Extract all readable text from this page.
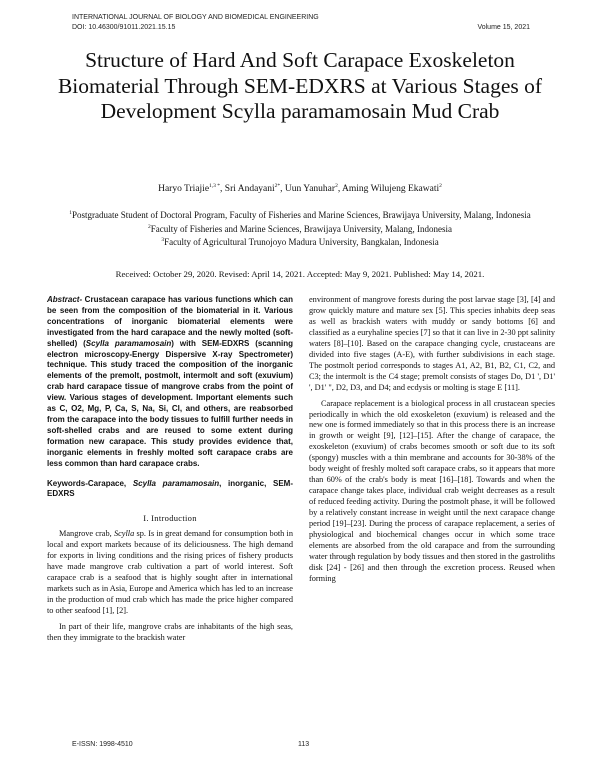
INTERNATIONAL JOURNAL OF BIOLOGY AND BIOMEDICAL ENGINEERING
DOI: 10.46300/91011.2021.15.15	Volume 15, 2021
Structure of Hard And Soft Carapace Exoskeleton Biomaterial Through SEM-EDXRS at Various Stages of Development Scylla paramamosain Mud Crab
Haryo Triajie$^{1,3 *}$, Sri Andayani$^{2*}$, Uun Yanuhar$^2$, Aming Wilujeng Ekawati$^2$
$^1$Postgraduate Student of Doctoral Program, Faculty of Fisheries and Marine Sciences, Brawijaya University, Malang, Indonesia
$^2$Faculty of Fisheries and Marine Sciences, Brawijaya University, Malang, Indonesia
$^3$Faculty of Agricultural Trunojoyo Madura University, Bangkalan, Indonesia
Received: October 29, 2020. Revised: April 14, 2021. Accepted: May 9, 2021. Published: May 14, 2021.

Abstract- Crustacean carapace has various functions which can be seen from the composition of the biomaterial in it. Various concentrations of inorganic biomaterial elements were investigated from the hard carapace and the newly molted (soft-shelled) (Scylla paramamosain) with SEM-EDXRS (scanning electron microscopy-Energy Dispersive X-ray Spectrometer) technique. This study traced the composition of the inorganic elements of the premolt, postmolt, intermolt and soft (exuvium) crab hard carapace tissue of mangrove crabs from the point of view. Various stages of development. Important elements such as C, O2, Mg, P, Ca, S, Na, Si, Cl, and others, are reabsorbed from the carapace into the body tissues to fulfill further needs in soft-shelled crabs and are reused to some extent during formation new carapace. This study provides evidence that, inorganic elements in freshly molted soft carapace crabs are less common than hard carapace crabs.

Keywords-Carapace, Scylla paramamosain, inorganic, SEM-EDXRS

I. Introduction

Mangrove crab, Scylla sp. Is in great demand for consumption both in local and export markets because of its deliciousness. The high demand for exports in living conditions and the rising prices of fishery products have made mangrove crab cultivation a part of world interest. Soft carapace crab is a seafood that is highly sought after in international markets such as in Asia, Europe and America which has led to an increase in the production of mud crab which has made the price higher compared to other seafood [1], [2].

In part of their life, mangrove crabs are inhabitants of the high seas, then they immigrate to the brackish water

environment of mangrove forests during the post larvae stage [3], [4] and grow quickly mature and mature sex [5]. This species inhabits deep seas as well as brackish waters with muddy or sandy bottoms [6] and classified as a euryhaline species [7] so that it can live in 2-30 ppt salinity waters [8]–[10]. Based on the carapace changing cycle, crustaceans are divided into five stages (A-E), with further subdivisions in each stage. The postmolt period corresponds to stages A1, A2, B1, B2, C1, C2, and C3; the intermolt is the C4 stage; premolt consists of stages Do, D1 ', D1' ', D1' ", D2, D3, and D4; and ecdysis or molting is stage E [11].

Carapace replacement is a biological process in all crustacean species periodically in which the old exoskeleton (exuvium) is released and the new one is formed immediately so that in this process there is an increase in growth or weight [9], [12]–[15]. After the change of carapace, the exoskeleton (exuvium) of crabs becomes smooth or soft due to its soft (spongy) muscles with a thin membrane and accounts for 30-38% of the body weight of freshly molted soft carapace crabs, so it appears that more than 60% of the crab's body is meat [16]–[18]. Towards and when the carapace change takes place, individual crab weight decreases as a result of reduced feeding activity. During the postmolt phase, it will be followed by a relatively constant increase in weight until the next carapace change period [19]–[23]. During the process of carapace replacement, a series of physiological and biochemical changes occur in which some trace elements are absorbed from the old carapace and from the surrounding water through regulation by body tissues and then stored in the gastroliths disk [24] - [26] and then through the excretion process. Reused when forming

E-ISSN: 1998-4510	113
